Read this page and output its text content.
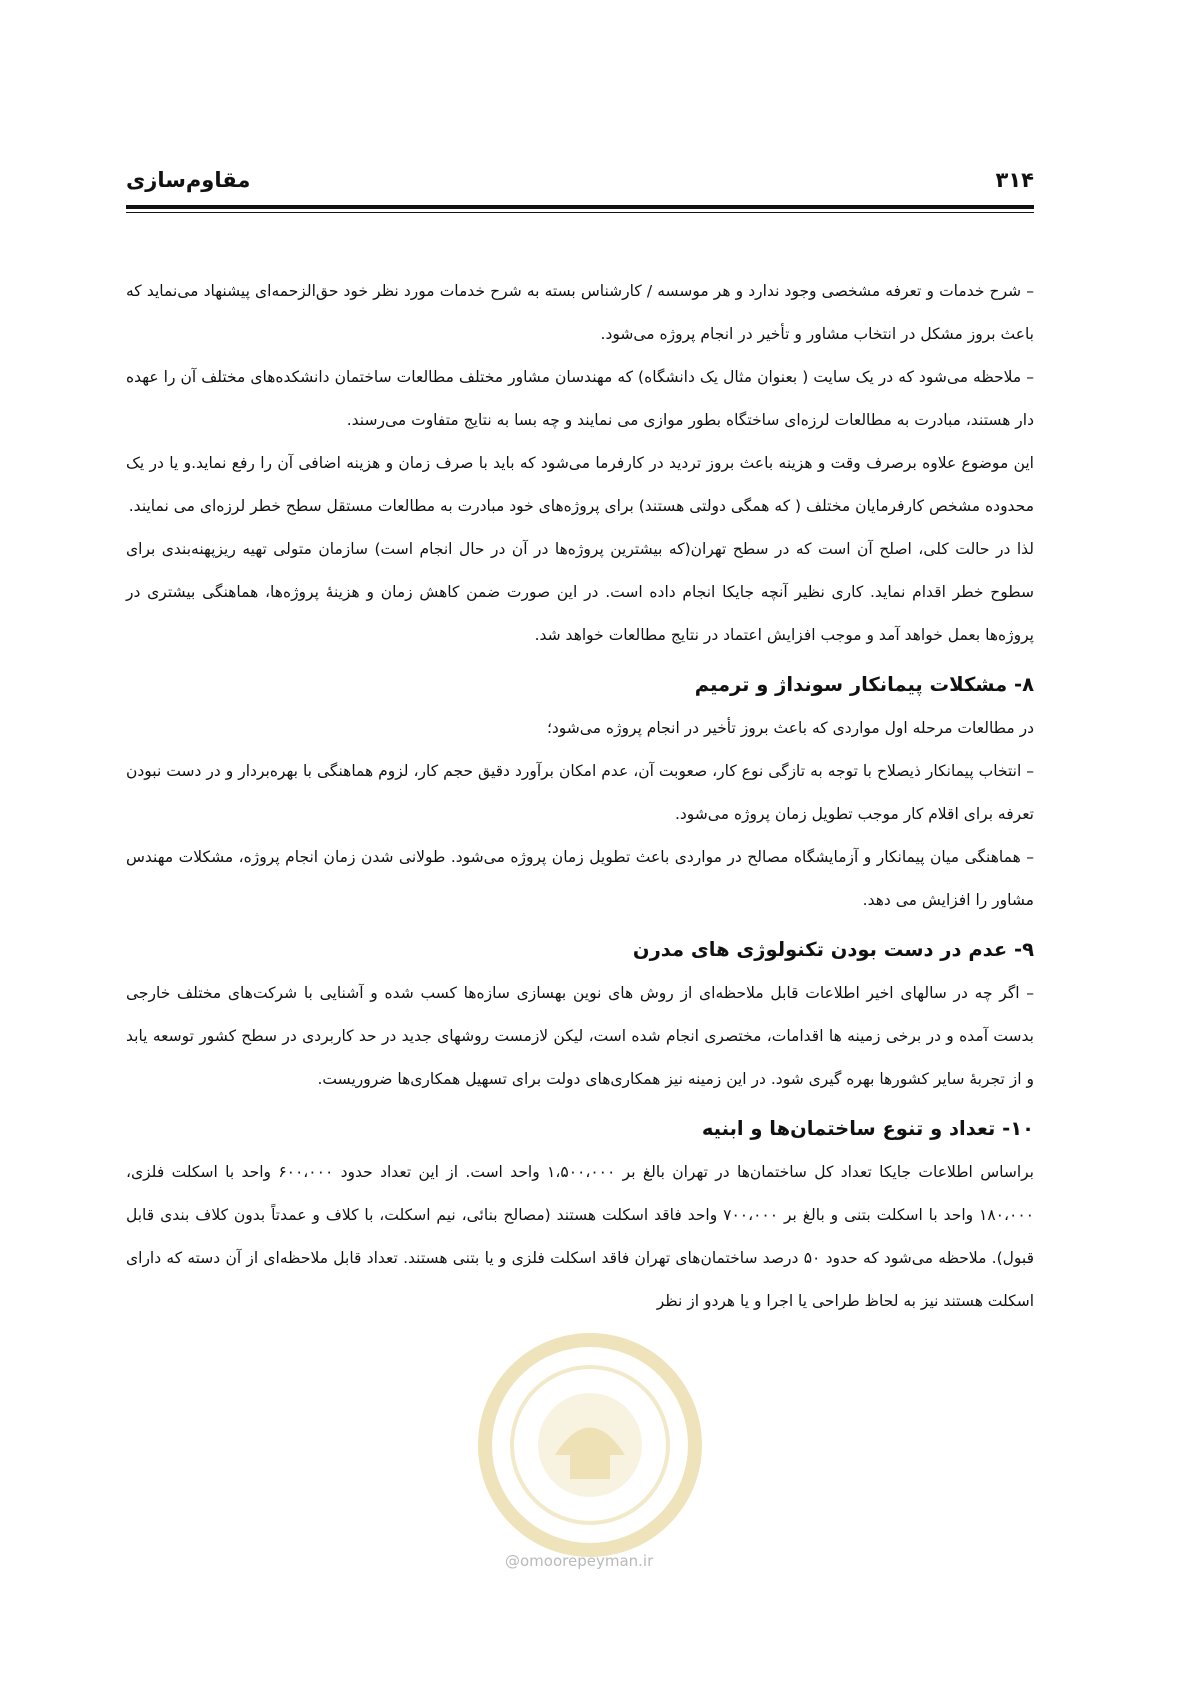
مقاوم‌سازی	۳۱۴

– شرح خدمات و تعرفه مشخصی وجود ندارد و هر موسسه / کارشناس بسته به شرح خدمات مورد نظر خود حق‌الزحمه‌ای پیشنهاد می‌نماید که باعث بروز مشکل در انتخاب مشاور و تأخیر در انجام پروژه می‌شود.

– ملاحظه می‌شود که در یک سایت ( بعنوان مثال یک دانشگاه) که مهندسان مشاور مختلف مطالعات ساختمان دانشکده‌های مختلف آن را عهده دار هستند، مبادرت به مطالعات لرزه‌ای ساختگاه بطور موازی می نمایند و چه بسا به نتایج متفاوت می‌رسند.

این موضوع علاوه برصرف وقت و هزینه باعث بروز تردید در کارفرما می‌شود که باید با صرف زمان و هزینه اضافی آن را رفع نماید.و یا در یک محدوده مشخص کارفرمایان مختلف ( که همگی دولتی هستند) برای پروژه‌های خود مبادرت به مطالعات مستقل سطح خطر لرزه‌ای می نمایند.

لذا در حالت کلی، اصلح آن است که در سطح تهران(که بیشترین پروژه‌ها در آن در حال انجام است) سازمان متولی تهیه ریزپهنه‌بندی برای سطوح خطر اقدام نماید. کاری نظیر آنچه جایکا انجام داده است. در این صورت ضمن کاهش زمان و هزینهٔ پروژه‌ها، هماهنگی بیشتری در پروژه‌ها بعمل خواهد آمد و موجب افزایش اعتماد در نتایج مطالعات خواهد شد.

۸- مشکلات پیمانکار سونداژ و ترمیم

در مطالعات مرحله اول مواردی که باعث بروز تأخیر در انجام پروژه می‌شود؛

– انتخاب پیمانکار ذیصلاح با توجه به تازگی نوع کار، صعوبت آن، عدم امکان برآورد دقیق حجم کار، لزوم هماهنگی با بهره‌بردار و در دست نبودن تعرفه برای اقلام کار موجب تطویل زمان پروژه می‌شود.

– هماهنگی میان پیمانکار و آزمایشگاه مصالح در مواردی باعث تطویل زمان پروژه می‌شود. طولانی شدن زمان انجام پروژه، مشکلات مهندس مشاور را افزایش می دهد.

۹- عدم در دست بودن تکنولوژی های مدرن

– اگر چه در سالهای اخیر اطلاعات قابل ملاحظه‌ای از روش های نوین بهسازی سازه‌ها کسب شده و آشنایی با شرکت‌های مختلف خارجی بدست آمده و در برخی زمینه ها اقدامات، مختصری انجام شده است، لیکن لازمست روشهای جدید در حد کاربردی در سطح کشور توسعه یابد و از تجربهٔ سایر کشورها بهره گیری شود. در این زمینه نیز همکاری‌های دولت برای تسهیل همکاری‌ها ضروریست.

۱۰- تعداد و تنوع ساختمان‌ها و ابنیه

براساس اطلاعات جایکا تعداد کل ساختمان‌ها در تهران بالغ بر ۱،۵۰۰،۰۰۰ واحد است. از این تعداد حدود ۶۰۰،۰۰۰ واحد با اسکلت فلزی، ۱۸۰،۰۰۰ واحد با اسکلت بتنی و بالغ بر ۷۰۰،۰۰۰ واحد فاقد اسکلت هستند (مصالح بنائی، نیم اسکلت، با کلاف و عمدتاً بدون کلاف بندی قابل قبول). ملاحظه می‌شود که حدود ۵۰ درصد ساختمان‌های تهران فاقد اسکلت فلزی و یا بتنی هستند. تعداد قابل ملاحظه‌ای از آن دسته که دارای اسکلت هستند نیز به لحاظ طراحی یا اجرا و یا هردو از نظر

@omoorepeyman.ir
